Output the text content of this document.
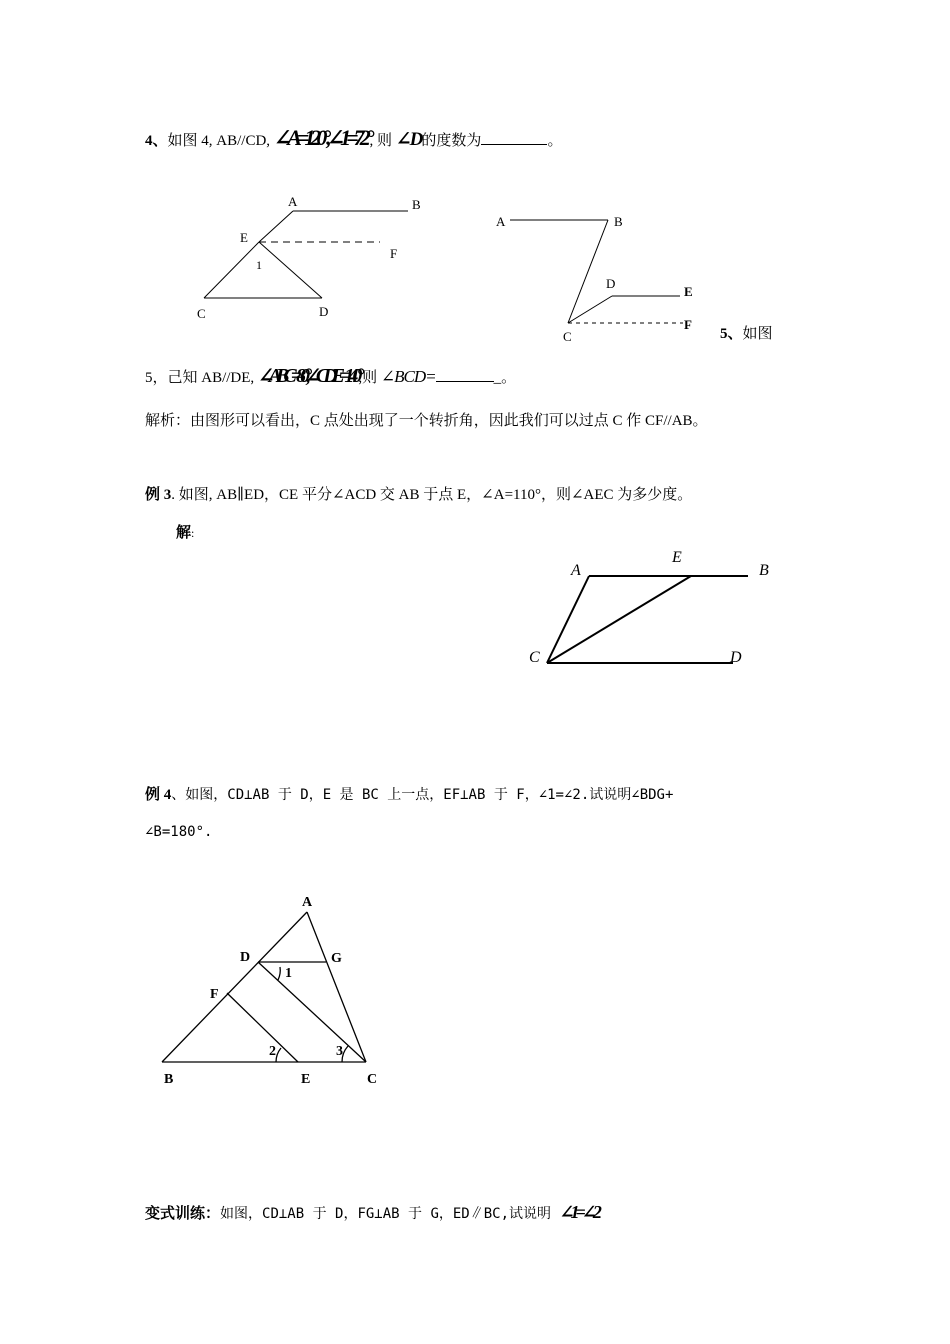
4、如图 4, AB//CD, ∠A=120°,∠1=72°, 则 ∠D的度数为	。
A	B
E
F
1
C	D
A	B
D
E
C
F
5、如图
5，己知 AB//DE, ∠ABC=80°,∠CDE=140°,则 ∠BCD=	_。
解析：由图形可以看出，C 点处出现了一个转折角，因此我们可以过点 C 作 CF//AB。
例 3. 如图, AB∥ED，CE 平分∠ACD 交 AB 于点 E，∠A=110°，则∠AEC 为多少度。
解:
A
E
B
C	D
例 4、如图，CD⊥AB 于 D，E 是 BC 上一点，EF⊥AB 于 F，∠1=∠2.试说明∠BDG+
∠B=180°.
A
D	G
1
F
2	3
B	E	C
变式训练：如图，CD⊥AB 于 D，FG⊥AB 于 G，ED∥BC,试说明 ∠1=∠2.
